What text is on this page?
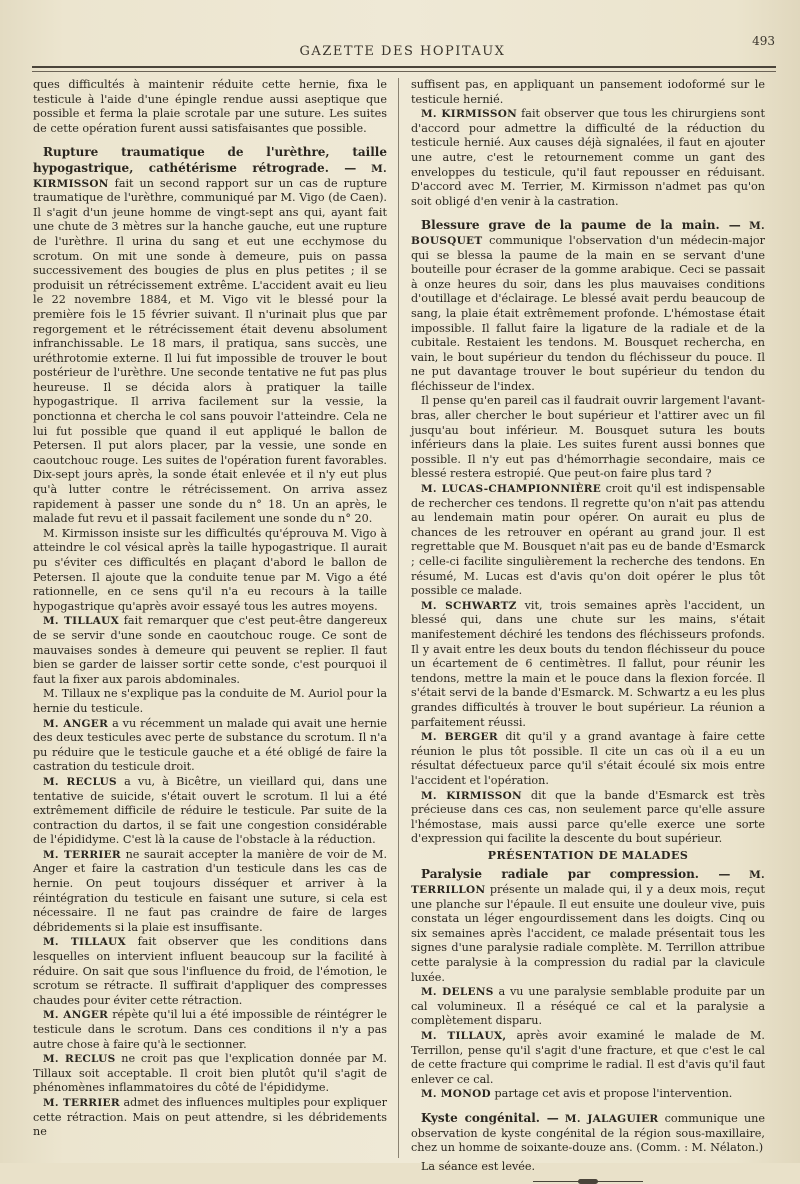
GAZETTE DES HOPITAUX
493

ques difficultés à maintenir réduite cette hernie, fixa le testicule à l'aide d'une épingle rendue aussi aseptique que possible et ferma la plaie scrotale par une suture. Les suites de cette opération furent aussi satisfaisantes que possible.

Rupture traumatique de l'urèthre, taille hypogastrique, cathétérisme rétrograde. — M. KIRMISSON fait un second rapport sur un cas de rupture traumatique de l'urèthre, communiqué par M. Vigo (de Caen). Il s'agit d'un jeune homme de vingt-sept ans qui, ayant fait une chute de 3 mètres sur la hanche gauche, eut une rupture de l'urèthre. Il urina du sang et eut une ecchymose du scrotum. On mit une sonde à demeure, puis on passa successivement des bougies de plus en plus petites ; il se produisit un rétrécissement extrême. L'accident avait eu lieu le 22 novembre 1884, et M. Vigo vit le blessé pour la première fois le 15 février suivant. Il n'urinait plus que par regorgement et le rétrécissement était devenu absolument infranchissable. Le 18 mars, il pratiqua, sans succès, une uréthrotomie externe. Il lui fut impossible de trouver le bout postérieur de l'urèthre. Une seconde tentative ne fut pas plus heureuse. Il se décida alors à pratiquer la taille hypogastrique. Il arriva facilement sur la vessie, la ponctionna et chercha le col sans pouvoir l'atteindre. Cela ne lui fut possible que quand il eut appliqué le ballon de Petersen. Il put alors placer, par la vessie, une sonde en caoutchouc rouge. Les suites de l'opération furent favorables. Dix-sept jours après, la sonde était enlevée et il n'y eut plus qu'à lutter contre le rétrécissement. On arriva assez rapidement à passer une sonde du n° 18. Un an après, le malade fut revu et il passait facilement une sonde du n° 20.

M. Kirmisson insiste sur les difficultés qu'éprouva M. Vigo à atteindre le col vésical après la taille hypogastrique. Il aurait pu s'éviter ces difficultés en plaçant d'abord le ballon de Petersen. Il ajoute que la conduite tenue par M. Vigo a été rationnelle, en ce sens qu'il n'a eu recours à la taille hypogastrique qu'après avoir essayé tous les autres moyens.

M. TILLAUX fait remarquer que c'est peut-être dangereux de se servir d'une sonde en caoutchouc rouge. Ce sont de mauvaises sondes à demeure qui peuvent se replier. Il faut bien se garder de laisser sortir cette sonde, c'est pourquoi il faut la fixer aux parois abdominales.

M. Tillaux ne s'explique pas la conduite de M. Auriol pour la hernie du testicule.

M. ANGER a vu récemment un malade qui avait une hernie des deux testicules avec perte de substance du scrotum. Il n'a pu réduire que le testicule gauche et a été obligé de faire la castration du testicule droit.

M. RECLUS a vu, à Bicêtre, un vieillard qui, dans une tentative de suicide, s'était ouvert le scrotum. Il lui a été extrêmement difficile de réduire le testicule. Par suite de la contraction du dartos, il se fait une congestion considérable de l'épididyme. C'est là la cause de l'obstacle à la réduction.

M. TERRIER ne saurait accepter la manière de voir de M. Anger et faire la castration d'un testicule dans les cas de hernie. On peut toujours disséquer et arriver à la réintégration du testicule en faisant une suture, si cela est nécessaire. Il ne faut pas craindre de faire de larges débridements si la plaie est insuffisante.

M. TILLAUX fait observer que les conditions dans lesquelles on intervient influent beaucoup sur la facilité à réduire. On sait que sous l'influence du froid, de l'émotion, le scrotum se rétracte. Il suffirait d'appliquer des compresses chaudes pour éviter cette rétraction.

M. ANGER répète qu'il lui a été impossible de réintégrer le testicule dans le scrotum. Dans ces conditions il n'y a pas autre chose à faire qu'à le sectionner.

M. RECLUS ne croit pas que l'explication donnée par M. Tillaux soit acceptable. Il croit bien plutôt qu'il s'agit de phénomènes inflammatoires du côté de l'épididyme.

M. TERRIER admet des influences multiples pour expliquer cette rétraction. Mais on peut attendre, si les débridements ne

suffisent pas, en appliquant un pansement iodoformé sur le testicule hernié.

M. KIRMISSON fait observer que tous les chirurgiens sont d'accord pour admettre la difficulté de la réduction du testicule hernié. Aux causes déjà signalées, il faut en ajouter une autre, c'est le retournement comme un gant des enveloppes du testicule, qu'il faut repousser en réduisant. D'accord avec M. Terrier, M. Kirmisson n'admet pas qu'on soit obligé d'en venir à la castration.

Blessure grave de la paume de la main. — M. BOUSQUET communique l'observation d'un médecin-major qui se blessa la paume de la main en se servant d'une bouteille pour écraser de la gomme arabique. Ceci se passait à onze heures du soir, dans les plus mauvaises conditions d'outillage et d'éclairage. Le blessé avait perdu beaucoup de sang, la plaie était extrêmement profonde. L'hémostase était impossible. Il fallut faire la ligature de la radiale et de la cubitale. Restaient les tendons. M. Bousquet rechercha, en vain, le bout supérieur du tendon du fléchisseur du pouce. Il ne put davantage trouver le bout supérieur du tendon du fléchisseur de l'index.

Il pense qu'en pareil cas il faudrait ouvrir largement l'avant-bras, aller chercher le bout supérieur et l'attirer avec un fil jusqu'au bout inférieur. M. Bousquet sutura les bouts inférieurs dans la plaie. Les suites furent aussi bonnes que possible. Il n'y eut pas d'hémorrhagie secondaire, mais ce blessé restera estropié. Que peut-on faire plus tard ?

M. LUCAS-CHAMPIONNIÈRE croit qu'il est indispensable de rechercher ces tendons. Il regrette qu'on n'ait pas attendu au lendemain matin pour opérer. On aurait eu plus de chances de les retrouver en opérant au grand jour. Il est regrettable que M. Bousquet n'ait pas eu de bande d'Esmarck ; celle-ci facilite singulièrement la recherche des tendons. En résumé, M. Lucas est d'avis qu'on doit opérer le plus tôt possible ce malade.

M. SCHWARTZ vit, trois semaines après l'accident, un blessé qui, dans une chute sur les mains, s'était manifestement déchiré les tendons des fléchisseurs profonds. Il y avait entre les deux bouts du tendon fléchisseur du pouce un écartement de 6 centimètres. Il fallut, pour réunir les tendons, mettre la main et le pouce dans la flexion forcée. Il s'était servi de la bande d'Esmarck. M. Schwartz a eu les plus grandes difficultés à trouver le bout supérieur. La réunion a parfaitement réussi.

M. BERGER dit qu'il y a grand avantage à faire cette réunion le plus tôt possible. Il cite un cas où il a eu un résultat défectueux parce qu'il s'était écoulé six mois entre l'accident et l'opération.

M. KIRMISSON dit que la bande d'Esmarck est très précieuse dans ces cas, non seulement parce qu'elle assure l'hémostase, mais aussi parce qu'elle exerce une sorte d'expression qui facilite la descente du bout supérieur.

PRÉSENTATION DE MALADES

Paralysie radiale par compression. — M. TERRILLON présente un malade qui, il y a deux mois, reçut une planche sur l'épaule. Il eut ensuite une douleur vive, puis constata un léger engourdissement dans les doigts. Cinq ou six semaines après l'accident, ce malade présentait tous les signes d'une paralysie radiale complète. M. Terrillon attribue cette paralysie à la compression du radial par la clavicule luxée.

M. DELENS a vu une paralysie semblable produite par un cal volumineux. Il a réséqué ce cal et la paralysie a complètement disparu.

M. TILLAUX, après avoir examiné le malade de M. Terrillon, pense qu'il s'agit d'une fracture, et que c'est le cal de cette fracture qui comprime le radial. Il est d'avis qu'il faut enlever ce cal.

M. MONOD partage cet avis et propose l'intervention.

Kyste congénital. — M. JALAGUIER communique une observation de kyste congénital de la région sous-maxillaire, chez un homme de soixante-douze ans. (Comm. : M. Nélaton.)

La séance est levée.
